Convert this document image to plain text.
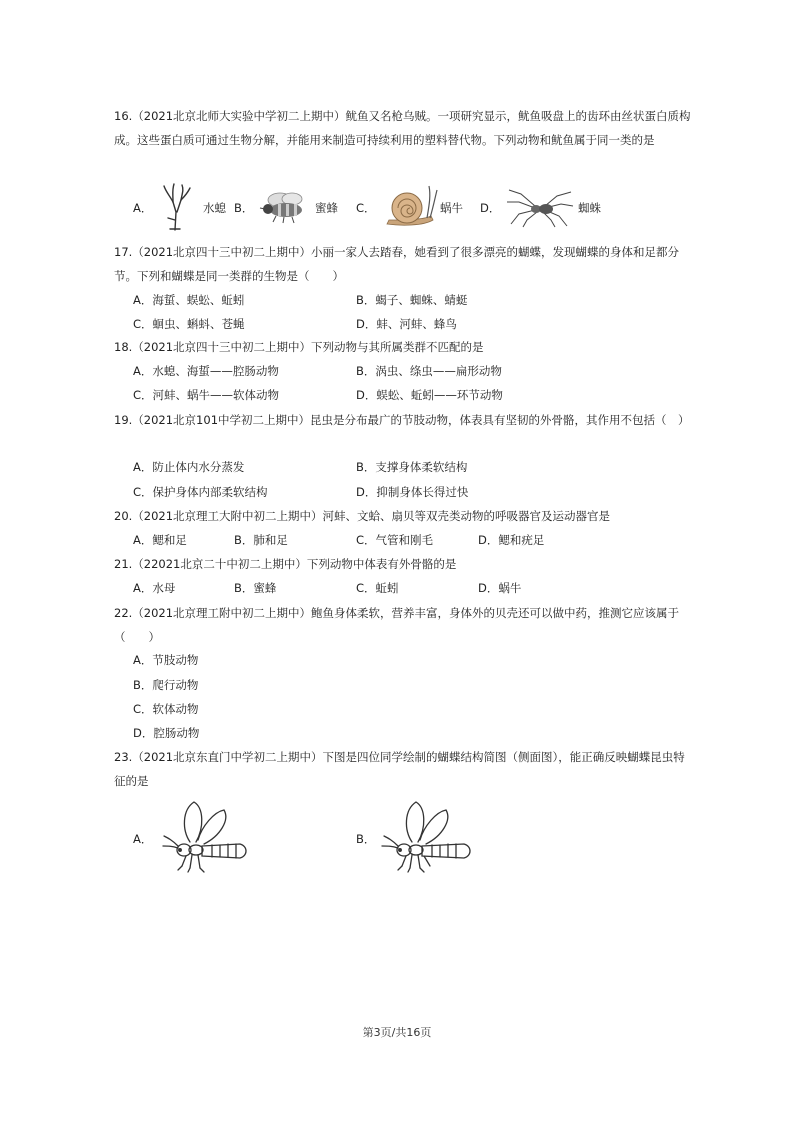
16.（2021北京北师大实验中学初二上期中）鱿鱼又名枪乌贼。一项研究显示，鱿鱼吸盘上的齿环由丝状蛋白质构成。这些蛋白质可通过生物分解，并能用来制造可持续利用的塑料替代物。下列动物和鱿鱼属于同一类的是
A．	水螅 B．	蜜蜂 C．	蜗牛 D．	蜘蛛
17.（2021北京四十三中初二上期中）小丽一家人去踏春，她看到了很多漂亮的蝴蝶，发现蝴蝶的身体和足都分节。下列和蝴蝶是同一类群的生物是（　　）
A．海蜇、蜈蚣、蚯蚓	B．蝎子、蜘蛛、蜻蜓
C．蛔虫、蝌蚪、苍蝇	D．蚌、河蚌、蜂鸟
18.（2021北京四十三中初二上期中）下列动物与其所属类群不匹配的是
A．水螅、海蜇——腔肠动物	B．涡虫、绦虫——扁形动物
C．河蚌、蜗牛——软体动物	D．蜈蚣、蚯蚓——环节动物
19.（2021北京101中学初二上期中）昆虫是分布最广的节肢动物，体表具有坚韧的外骨骼，其作用不包括（　）
A．防止体内水分蒸发	B．支撑身体柔软结构
C．保护身体内部柔软结构	D．抑制身体长得过快
20.（2021北京理工大附中初二上期中）河蚌、文蛤、扇贝等双壳类动物的呼吸器官及运动器官是
A．鳃和足	B．肺和足	C．气管和刚毛	D．鳃和疣足
21.（22021北京二十中初二上期中）下列动物中体表有外骨骼的是
A．水母	B．蜜蜂	C．蚯蚓	D．蜗牛
22.（2021北京理工附中初二上期中）鲍鱼身体柔软，营养丰富，身体外的贝壳还可以做中药，推测它应该属于（　　）
A．节肢动物
B．爬行动物
C．软体动物
D．腔肠动物
23.（2021北京东直门中学初二上期中）下图是四位同学绘制的蝴蝶结构简图（侧面图），能正确反映蝴蝶昆虫特征的是
A．	B．
第3页/共16页
